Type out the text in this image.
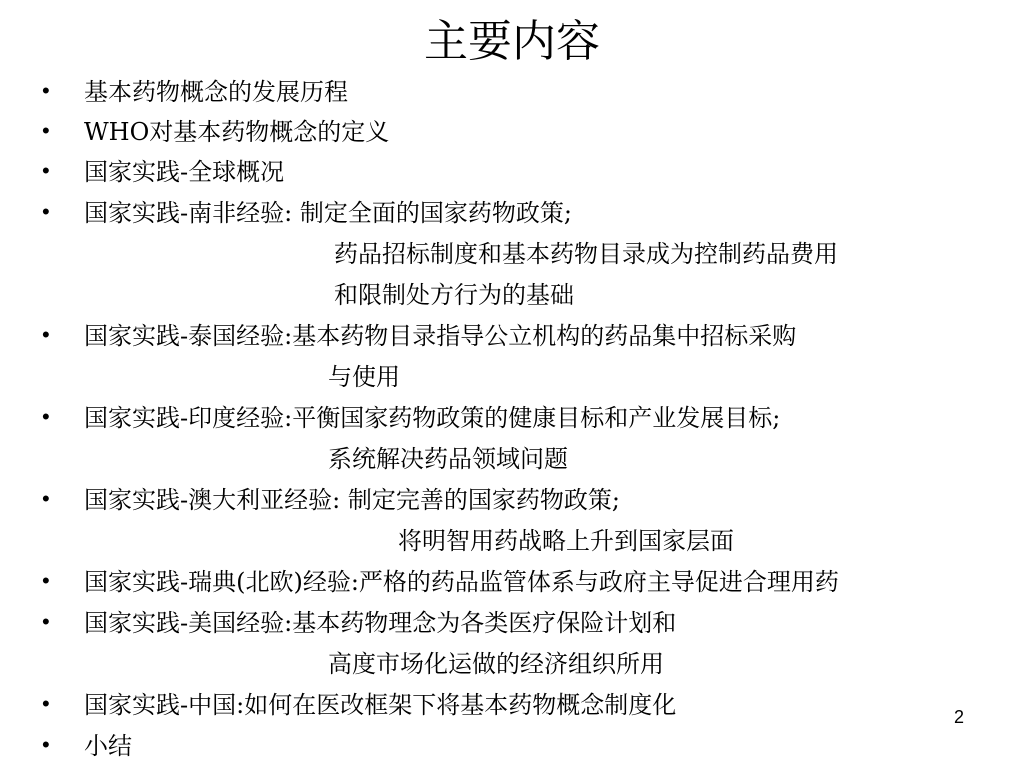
主要内容
• 基本药物概念的发展历程
• WHO对基本药物概念的定义
• 国家实践-全球概况
• 国家实践-南非经验: 制定全面的国家药物政策;
药品招标制度和基本药物目录成为控制药品费用
和限制处方行为的基础
• 国家实践-泰国经验:基本药物目录指导公立机构的药品集中招标采购
与使用
• 国家实践-印度经验:平衡国家药物政策的健康目标和产业发展目标;
系统解决药品领域问题
• 国家实践-澳大利亚经验: 制定完善的国家药物政策;
将明智用药战略上升到国家层面
• 国家实践-瑞典(北欧)经验:严格的药品监管体系与政府主导促进合理用药
• 国家实践-美国经验:基本药物理念为各类医疗保险计划和
高度市场化运做的经济组织所用
• 国家实践-中国:如何在医改框架下将基本药物概念制度化
• 小结
2
